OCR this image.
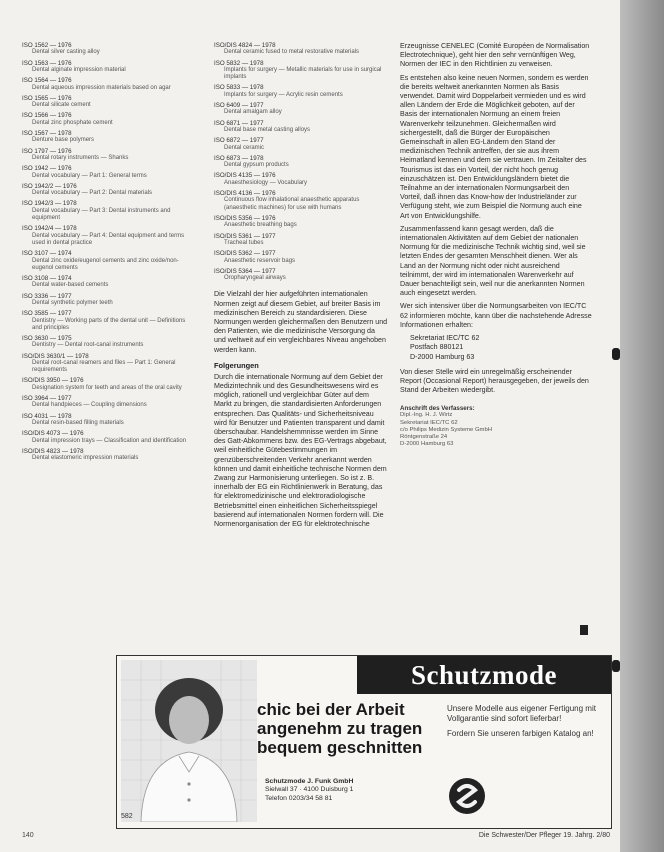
ISO 1562 — 1976
Dental silver casting alloy
ISO 1563 — 1976
Dental alginate impression material
ISO 1564 — 1976
Dental aqueous impression materials based on agar
ISO 1565 — 1976
Dental silicate cement
ISO 1566 — 1976
Dental zinc phosphate cement
ISO 1567 — 1978
Denture base polymers
ISO 1797 — 1976
Dental rotary instruments — Shanks
ISO 1942 — 1976
Dental vocabulary — Part 1: General terms
ISO 1942/2 — 1976
Dental vocabulary — Part 2: Dental materials
ISO 1942/3 — 1978
Dental vocabulary — Part 3: Dental instruments and equipment
ISO 1942/4 — 1978
Dental vocabulary — Part 4: Dental equipment and terms used in dental practice
ISO 3107 — 1974
Dental zinc oxide/eugenol cements and zinc oxide/non-eugenol cements
ISO 3108 — 1974
Dental water-based cements
ISO 3336 — 1977
Dental synthetic polymer teeth
ISO 3585 — 1977
Dentistry — Working parts of the dental unit — Definitions and principles
ISO 3630 — 1975
Dentistry — Dental root-canal instruments
ISO/DIS 3630/1 — 1978
Dental root-canal reamers and files — Part 1: General requirements
ISO/DIS 3950 — 1976
Designation system for teeth and areas of the oral cavity
ISO 3964 — 1977
Dental handpieces — Coupling dimensions
ISO 4031 — 1978
Dental resin-based filling materials
ISO/DIS 4073 — 1976
Dental impression trays — Classification and identification
ISO/DIS 4823 — 1978
Dental elastomeric impression materials
ISO/DIS 4824 — 1978
Dental ceramic fused to metal restorative materials
ISO 5832 — 1978
Implants for surgery — Metallic materials for use in surgical implants
ISO 5833 — 1978
Implants for surgery — Acrylic resin cements
ISO 6409 — 1977
Dental amalgam alloy
ISO 6871 — 1977
Dental base metal casting alloys
ISO 6872 — 1977
Dental ceramic
ISO 6873 — 1978
Dental gypsum products
ISO/DIS 4135 — 1976
Anaesthesiology — Vocabulary
ISO/DIS 4136 — 1976
Continuous flow inhalational anaesthetic apparatus (anaesthetic machines) for use with humans
ISO/DIS 5356 — 1976
Anaesthetic breathing bags
ISO/DIS 5361 — 1977
Tracheal tubes
ISO/DIS 5362 — 1977
Anaesthetic reservoir bags
ISO/DIS 5364 — 1977
Oropharyngeal airways

Die Vielzahl der hier aufgeführten internationalen Normen zeigt auf diesem Gebiet, auf breiter Basis im medizinischen Bereich zu standardisieren. Diese Normungen werden gleichermaßen den Benutzern und den Patienten, wie die medizinische Versorgung da und weltweit auf ein vergleichbares Niveau angehoben werden kann.

Folgerungen

Durch die internationale Normung auf dem Gebiet der Medizintechnik und des Gesundheitswesens wird es möglich, rationell und vergleichbar Güter auf dem Markt zu bringen, die standardisierten Anforderungen entsprechen. Das Qualitäts- und Sicherheitsniveau wird für Benutzer und Patienten transparent und damit überschaubar. Handelshemmnisse werden im Sinne des Gatt-Abkommens bzw. des EG-Vertrags abgebaut, weil einheitliche Gütebestimmungen im grenzüberschreitenden Verkehr anerkannt werden können und damit einheitliche technische Normen dem Zwang zur Harmonisierung unterliegen. So ist z. B. innerhalb der EG ein Richtlinienwerk in Beratung, das für elektromedizinische und elektroradiologische Betriebsmittel einen einheitlichen Sicherheitsspiegel basierend auf internationalen Normen fordern will. Die Normenorganisation der EG für elektrotechnische

Erzeugnisse CENELEC (Comité Européen de Normalisation Electrotechnique), geht hier den sehr vernünftigen Weg, Normen der IEC in den Richtlinien zu verweisen.

Es entstehen also keine neuen Normen, sondern es werden die bereits weltweit anerkannten Normen als Basis verwendet. Damit wird Doppelarbeit vermieden und es wird allen Ländern der Erde die Möglichkeit geboten, auf der Basis der internationalen Normung an einem freien Warenverkehr teilzunehmen. Gleichermaßen wird sichergestellt, daß die Bürger der Europäischen Gemeinschaft in allen EG-Ländern den Stand der medizinischen Technik antreffen, der sie aus ihrem Heimatland kennen und dem sie vertrauen. Im Zeitalter des Tourismus ist das ein Vorteil, der nicht hoch genug einzuschätzen ist. Den Entwicklungsländern bietet die Teilnahme an der internationalen Normungsarbeit den Vorteil, daß ihnen das Know-how der Industrieländer zur Verfügung steht, wie zum Beispiel die Normung auch eine Art von Entwicklungshilfe.

Zusammenfassend kann gesagt werden, daß die internationalen Aktivitäten auf dem Gebiet der nationalen Normung für die medizinische Technik wichtig sind, weil sie letzten Endes der gesamten Menschheit dienen. Wer als Land an der Normung nicht oder nicht ausreichend teilnimmt, der wird im internationalen Warenverkehr auf Dauer benachteiligt sein, weil nur die anerkannten Normen auch eingesetzt werden.

Wer sich intensiver über die Normungsarbeiten von IEC/TC 62 informieren möchte, kann über die nachstehende Adresse Informationen erhalten:

Sekretariat IEC/TC 62
Postfach 880121
D-2000 Hamburg 63

Von dieser Stelle wird ein unregelmäßig erscheinender Report (Occasional Report) herausgegeben, der jeweils den Stand der Arbeiten wiedergibt.

Anschrift des Verfassers:
Dipl.-Ing. H. J. Wirtz
Sekretariat IEC/TC 62
c/o Philips Medizin Systeme GmbH
Röntgenstraße 24
D-2000 Hamburg 63
582
Schutzmode
chic bei der Arbeit
angenehm zu tragen
bequem geschnitten

Unsere Modelle aus eigener Fertigung mit Vollgarantie sind sofort lieferbar!

Fordern Sie unseren farbigen Katalog an!

Schutzmode J. Funk GmbH
Sielwall 37 · 4100 Duisburg 1
Telefon 0203/34 58 81
140	Die Schwester/Der Pfleger 19. Jahrg. 2/80
